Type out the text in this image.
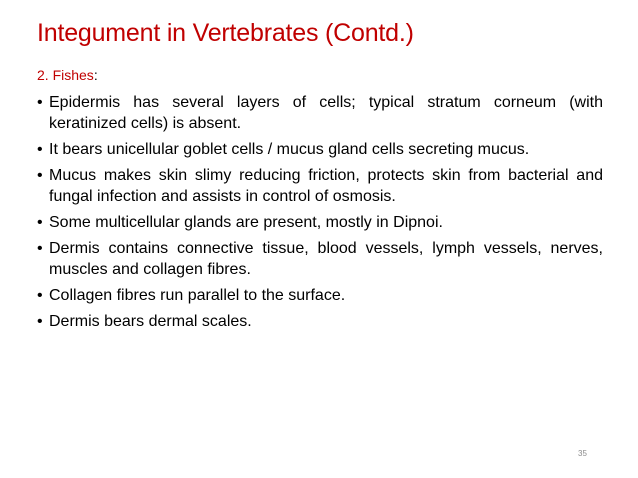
Integument in Vertebrates (Contd.)
2. Fishes:
• Epidermis has several layers of cells; typical stratum corneum (with keratinized cells) is absent.
• It bears unicellular goblet cells / mucus gland cells secreting mucus.
• Mucus makes skin slimy reducing friction, protects skin from bacterial and fungal infection and assists in control of osmosis.
• Some multicellular glands are present, mostly in Dipnoi.
• Dermis contains connective tissue, blood vessels, lymph vessels, nerves, muscles and collagen fibres.
• Collagen fibres run parallel to the surface.
• Dermis bears dermal scales.
35
